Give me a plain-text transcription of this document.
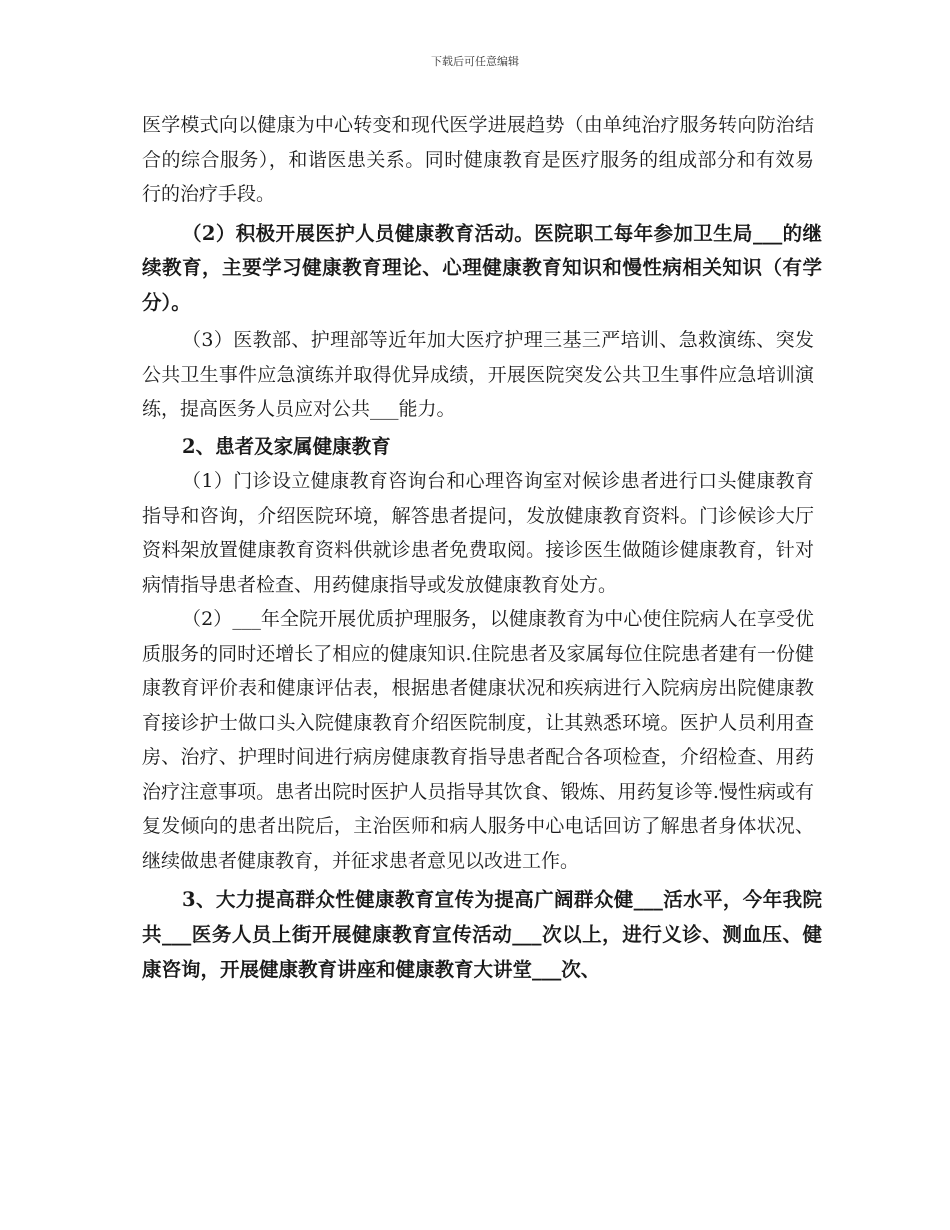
下载后可任意编辑

医学模式向以健康为中心转变和现代医学进展趋势（由单纯治疗服务转向防治结合的综合服务），和谐医患关系。同时健康教育是医疗服务的组成部分和有效易行的治疗手段。

（2）积极开展医护人员健康教育活动。医院职工每年参加卫生局___的继续教育，主要学习健康教育理论、心理健康教育知识和慢性病相关知识（有学分）。

（3）医教部、护理部等近年加大医疗护理三基三严培训、急救演练、突发公共卫生事件应急演练并取得优异成绩，开展医院突发公共卫生事件应急培训演练，提高医务人员应对公共___能力。

2、患者及家属健康教育

（1）门诊设立健康教育咨询台和心理咨询室对候诊患者进行口头健康教育指导和咨询，介绍医院环境，解答患者提问，发放健康教育资料。门诊候诊大厅资料架放置健康教育资料供就诊患者免费取阅。接诊医生做随诊健康教育，针对病情指导患者检查、用药健康指导或发放健康教育处方。

（2）___年全院开展优质护理服务，以健康教育为中心使住院病人在享受优质服务的同时还增长了相应的健康知识.住院患者及家属每位住院患者建有一份健康教育评价表和健康评估表，根据患者健康状况和疾病进行入院病房出院健康教育接诊护士做口头入院健康教育介绍医院制度，让其熟悉环境。医护人员利用查房、治疗、护理时间进行病房健康教育指导患者配合各项检查，介绍检查、用药治疗注意事项。患者出院时医护人员指导其饮食、锻炼、用药复诊等.慢性病或有复发倾向的患者出院后，主治医师和病人服务中心电话回访了解患者身体状况、继续做患者健康教育，并征求患者意见以改进工作。

3、大力提高群众性健康教育宣传为提高广阔群众健___活水平，今年我院共___医务人员上街开展健康教育宣传活动___次以上，进行义诊、测血压、健康咨询，开展健康教育讲座和健康教育大讲堂___次、
